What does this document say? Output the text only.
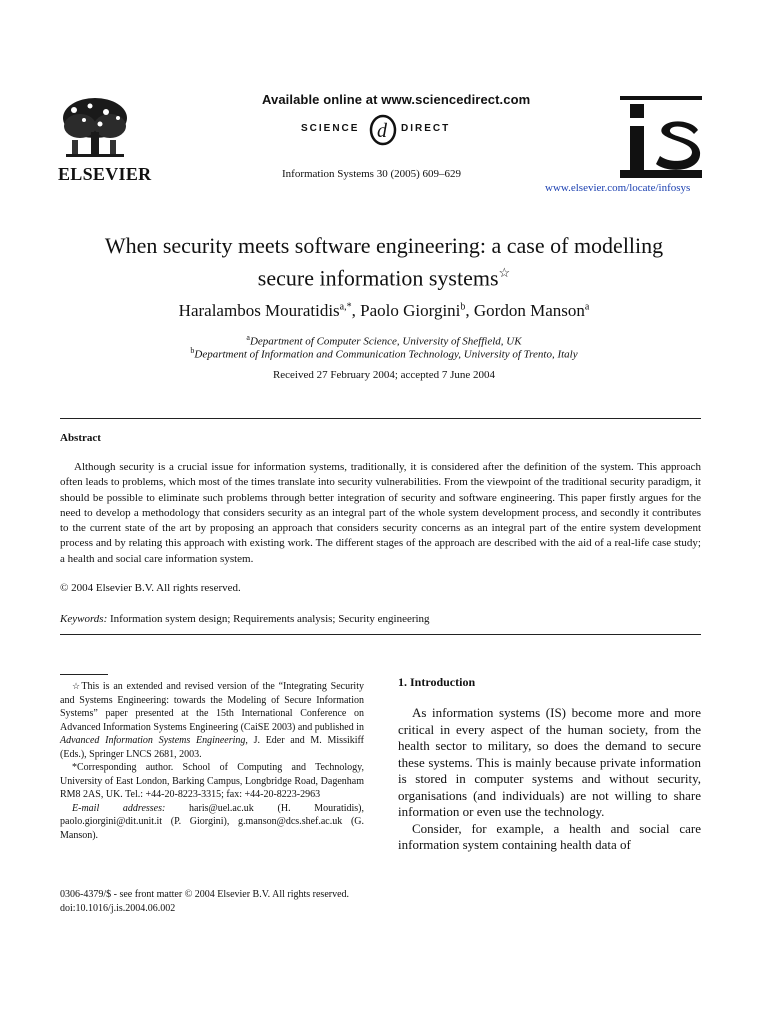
ELSEVIER
Available online at www.sciencedirect.com
SCIENCE d DIRECT
Information Systems 30 (2005) 609–629
www.elsevier.com/locate/infosys
When security meets software engineering: a case of modelling
secure information systems☆
Haralambos Mouratidis$^{a,*}$, Paolo Giorgini$^b$, Gordon Manson$^a$
$^a$Department of Computer Science, University of Sheffield, UK
$^b$Department of Information and Communication Technology, University of Trento, Italy
Received 27 February 2004; accepted 7 June 2004
Abstract
Although security is a crucial issue for information systems, traditionally, it is considered after the definition of the system. This approach often leads to problems, which most of the times translate into security vulnerabilities. From the viewpoint of the traditional security paradigm, it should be possible to eliminate such problems through better integration of security and software engineering. This paper firstly argues for the need to develop a methodology that considers security as an integral part of the whole system development process, and secondly it contributes to the current state of the art by proposing an approach that considers security concerns as an integral part of the entire system development process and by relating this approach with existing work. The different stages of the approach are described with the aid of a real-life case study; a health and social care information system.
© 2004 Elsevier B.V. All rights reserved.
Keywords: Information system design; Requirements analysis; Security engineering

☆This is an extended and revised version of the “Integrating Security and Systems Engineering: towards the Modeling of Secure Information Systems” paper presented at the 15th International Conference on Advanced Information Systems Engineering (CaiSE 2003) and published in Advanced Information Systems Engineering, J. Eder and M. Missikiff (Eds.), Springer LNCS 2681, 2003.

*Corresponding author. School of Computing and Technology, University of East London, Barking Campus, Longbridge Road, Dagenham RM8 2AS, UK. Tel.: +44-20-8223-3315; fax: +44-20-8223-2963

E-mail addresses: haris@uel.ac.uk (H. Mouratidis), paolo.giorgini@dit.unit.it (P. Giorgini), g.manson@dcs.shef.ac.uk (G. Manson).

0306-4379/$ - see front matter © 2004 Elsevier B.V. All rights reserved.
doi:10.1016/j.is.2004.06.002
1. Introduction

As information systems (IS) become more and more critical in every aspect of the human society, from the health sector to military, so does the demand to secure these systems. This is mainly because private information is stored in computer systems and without security, organisations (and individuals) are not willing to share information or even use the technology.

Consider, for example, a health and social care information system containing health data of
